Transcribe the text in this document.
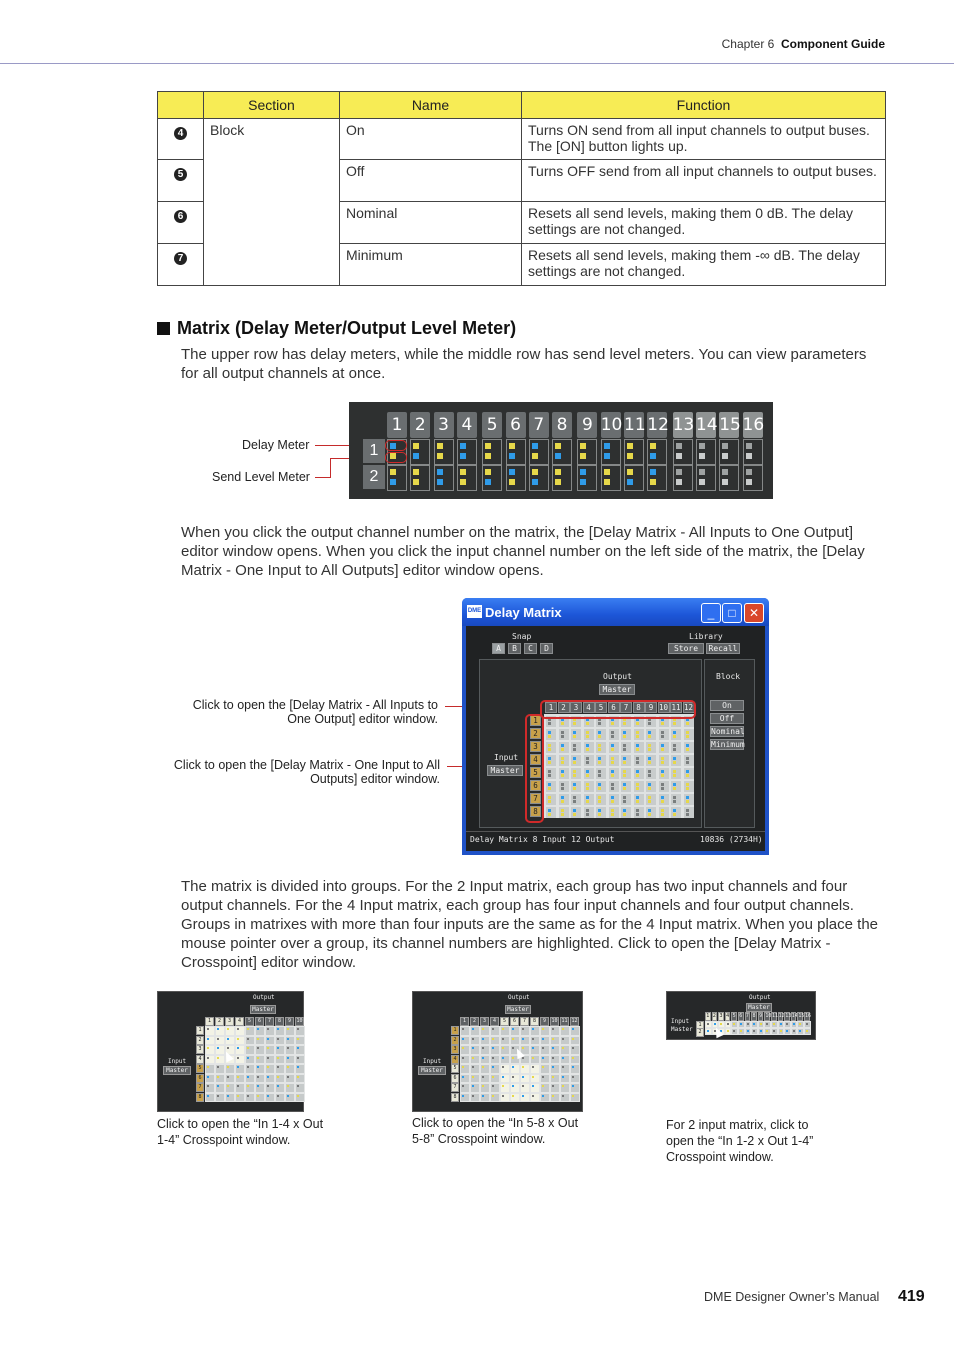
Chapter 6 Component Guide
	Section	Name	Function
4	Block	On	Turns ON send from all input channels to output buses. The [ON] button lights up.
5		Off	Turns OFF send from all input channels to output buses.
6		Nominal	Resets all send levels, making them 0 dB. The delay settings are not changed.
7		Minimum	Resets all send levels, making them -∞ dB. The delay settings are not changed.
Matrix (Delay Meter/Output Level Meter)
The upper row has delay meters, while the middle row has send level meters. You can view parameters for all output channels at once.
Delay Meter
Send Level Meter
1 2 3 4 5 6 7 8 9 10 11 12 13 14 15 16
1
2
When you click the output channel number on the matrix, the [Delay Matrix - All Inputs to One Output] editor window opens. When you click the input channel number on the left side of the matrix, the [Delay Matrix - One Input to All Outputs] editor window opens.
Click to open the [Delay Matrix - All Inputs to One Output] editor window.
Click to open the [Delay Matrix - One Input to All Outputs] editor window.
DME Delay Matrix	_	□	✕
Snap
A	B	C	D
Library
Store	Recall
Output
Master
Input
Master
Block
On
Off
Nominal
Minimum
Delay Matrix 8 Input 12 Output	10836 (2734H)
1	2	3	4	5	6	7	8	9 10 11 12
1
2
3
4
5
6
7
8
The matrix is divided into groups. For the 2 Input matrix, each group has two input channels and four output channels. For the 4 Input matrix, each group has four input channels and four output channels. Groups in matrixes with more than four inputs are the same as for the 4 Input matrix. When you place the mouse pointer over a group, its channel numbers are highlighted. Click to open the [Delay Matrix - Crosspoint] editor window.
Output
Master
Input
Master
1	2	3	4	5	6	7	8	9	10
1
2
3
4
5
6
7
8
Output
Master
Input
Master
1	2	3	4	5	6	7	8	9	10 11 12
1
2
3
4
5
6
7
8
Output
Master
Input
Master
1 2 3 4 5 6 7 8 9 10 11 12 13 14 15 16
1
2
Click to open the “In 1-4 x Out 1-4” Crosspoint window.
Click to open the “In 5-8 x Out 5-8” Crosspoint window.
For 2 input matrix, click to open the “In 1-2 x Out 1-4” Crosspoint window.
DME Designer Owner’s Manual 419
